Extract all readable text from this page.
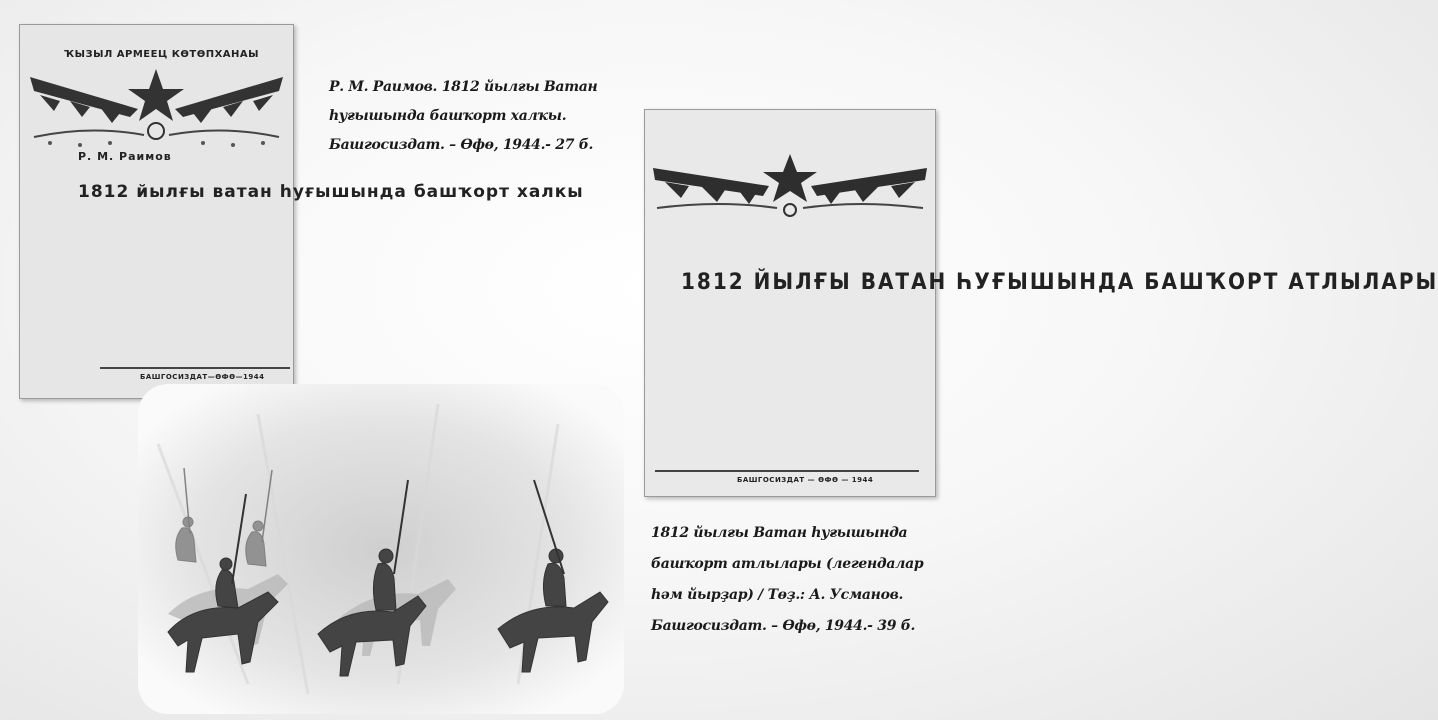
ҠЫЗЫЛ АРМЕЕЦ КӨТӨПХАНАЫ
Р. М. Раимов
1812 йылғы ватан һуғышында башҡорт халкы
БАШГОСИЗДАТ—ӨФӨ—1944
Р. М. Раимов. 1812 йылғы Ватан
һуғышында башҡорт халҡы.
Башгосиздат. – Өфө, 1944.- 27 б.
1812 ЙЫЛҒЫ ВАТАН ҺУҒЫШЫНДА БАШҠОРТ АТЛЫЛАРЫ
БАШГОСИЗДАТ — ӨФӨ — 1944
1812 йылғы Ватан һуғышында
башҡорт атлылары (легендалар
һәм йырҙар) / Төҙ.: А. Усманов.
Башгосиздат. – Өфө, 1944.- 39 б.
